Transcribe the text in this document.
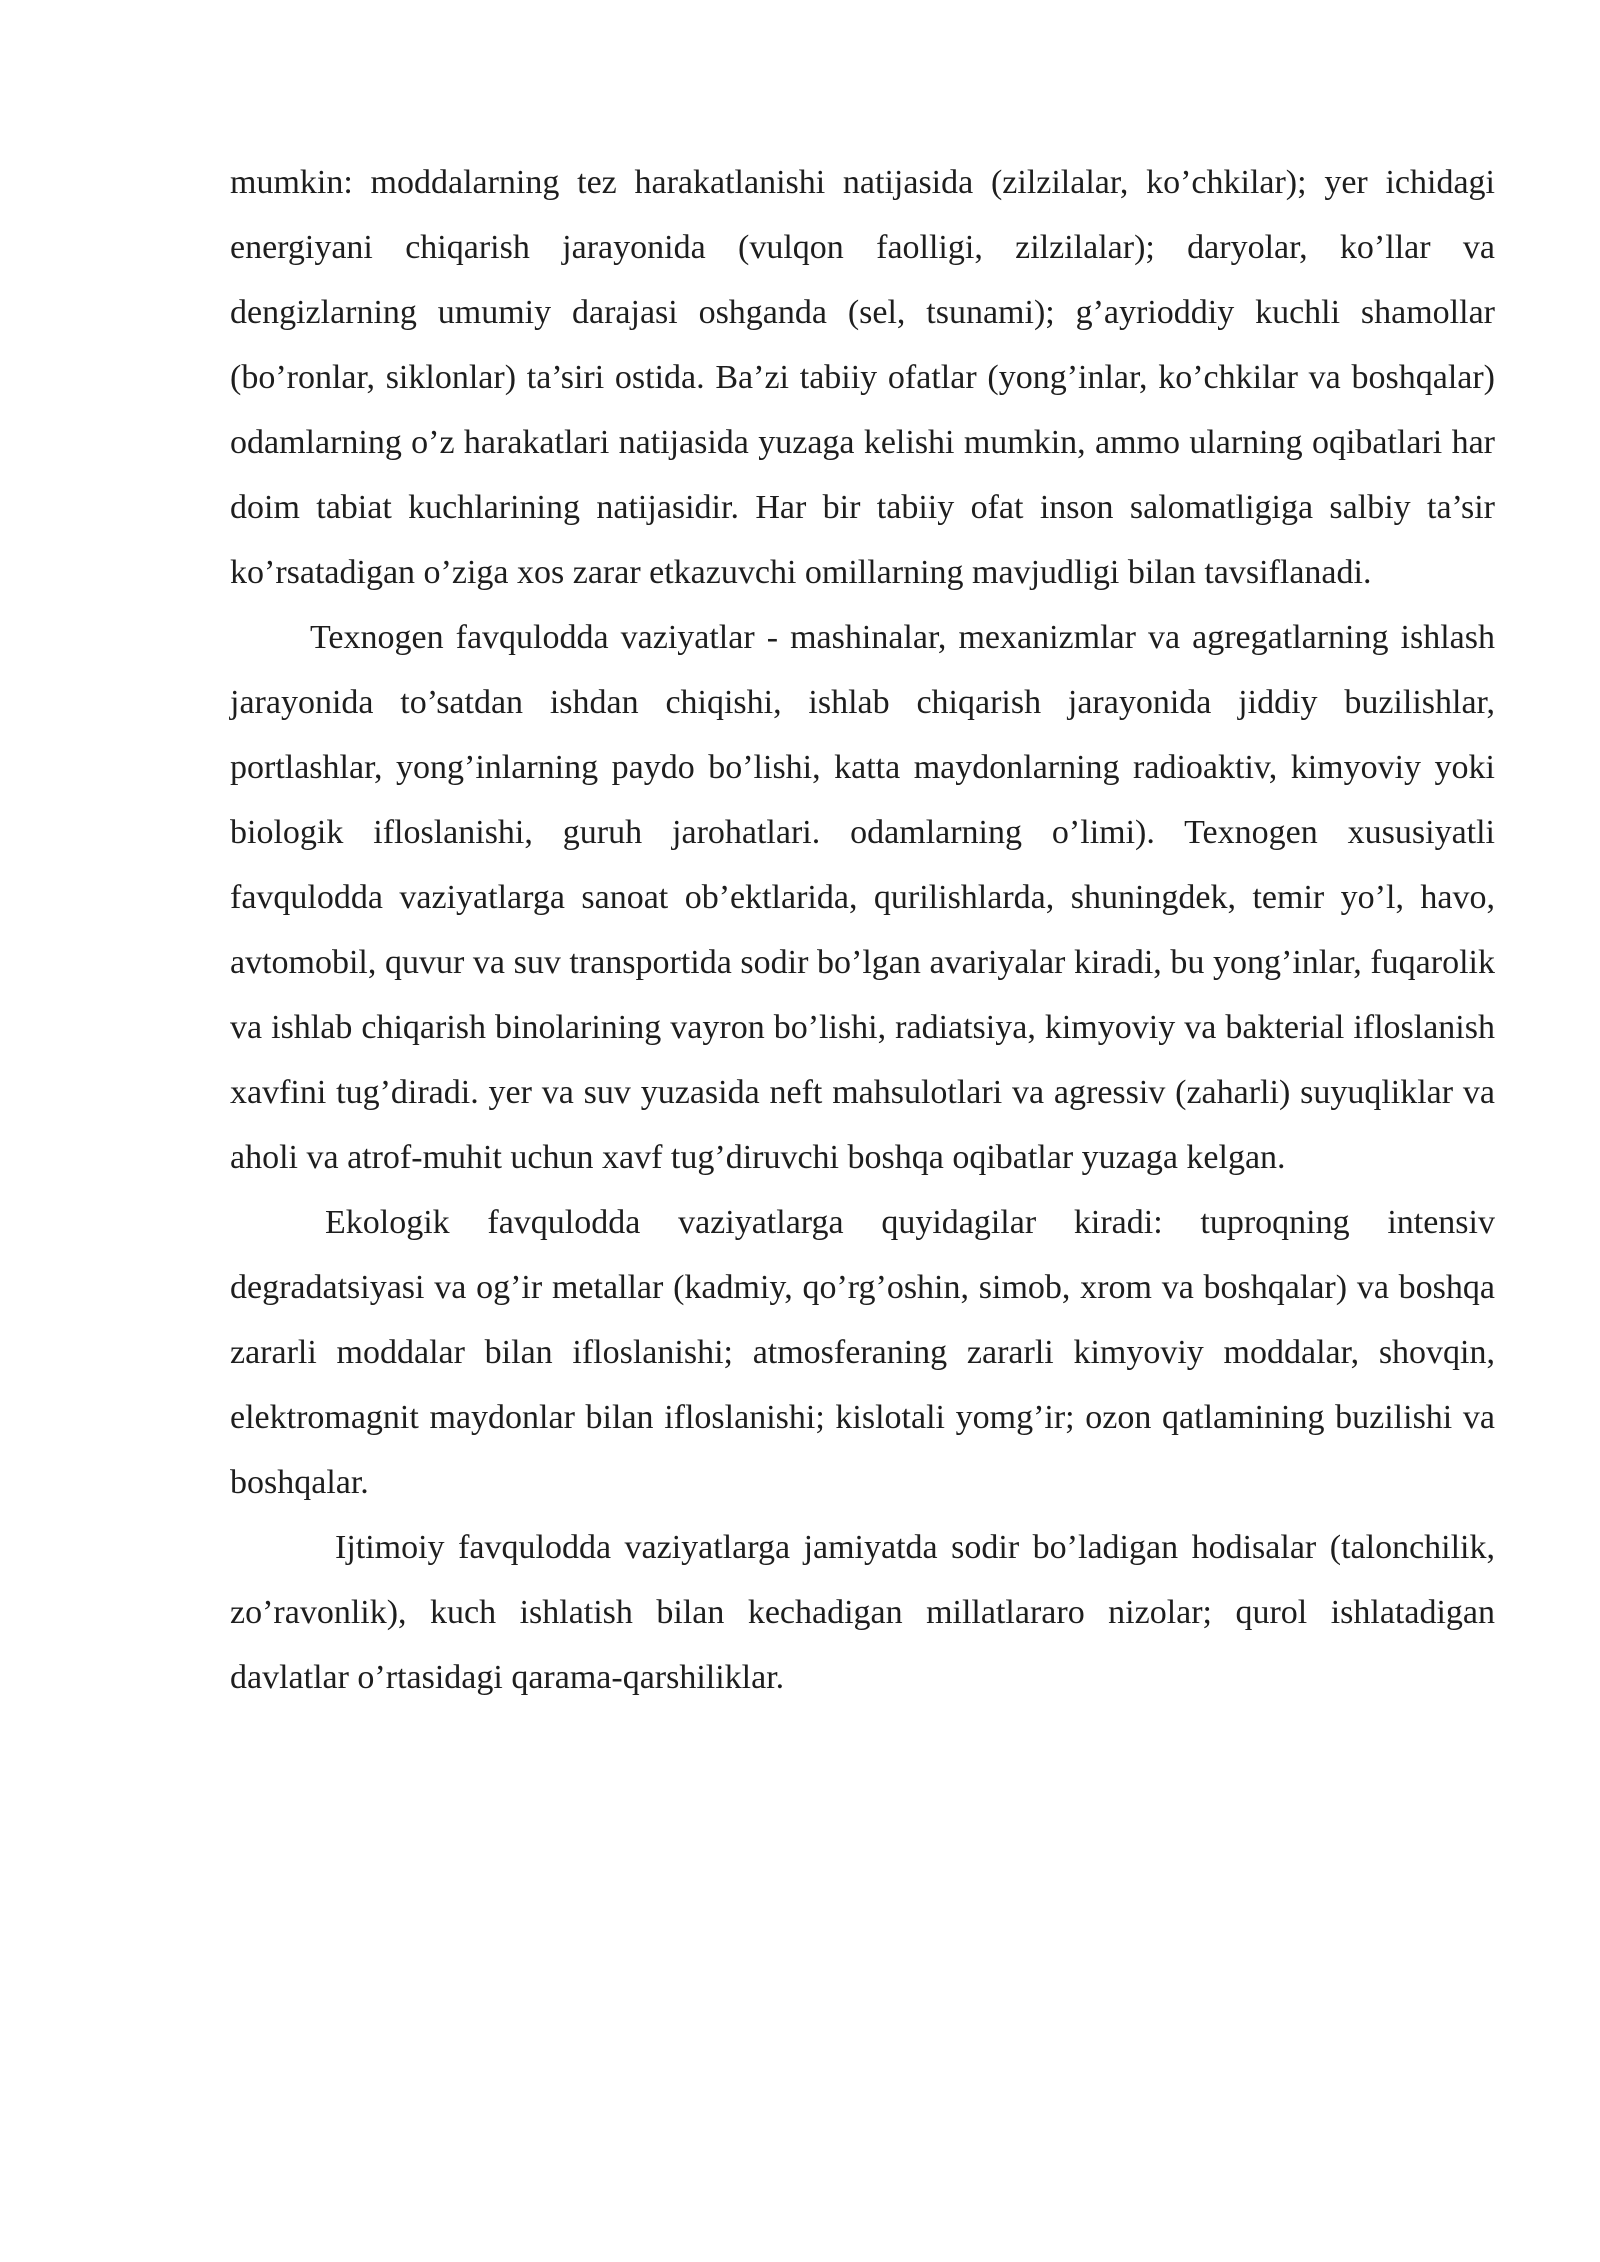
mumkin: moddalarning tez harakatlanishi natijasida (zilzilalar, ko’chkilar); yer ichidagi energiyani chiqarish jarayonida (vulqon faolligi, zilzilalar); daryolar, ko’llar va dengizlarning umumiy darajasi oshganda (sel, tsunami); g’ayrioddiy kuchli shamollar (bo’ronlar, siklonlar) ta’siri ostida. Ba’zi tabiiy ofatlar (yong’inlar, ko’chkilar va boshqalar) odamlarning o’z harakatlari natijasida yuzaga kelishi mumkin, ammo ularning oqibatlari har doim tabiat kuchlarining natijasidir. Har bir tabiiy ofat inson salomatligiga salbiy ta’sir ko’rsatadigan o’ziga xos zarar etkazuvchi omillarning mavjudligi bilan tavsiflanadi.

Texnogen favqulodda vaziyatlar - mashinalar, mexanizmlar va agregatlarning ishlash jarayonida to’satdan ishdan chiqishi, ishlab chiqarish jarayonida jiddiy buzilishlar, portlashlar, yong’inlarning paydo bo’lishi, katta maydonlarning radioaktiv, kimyoviy yoki biologik ifloslanishi, guruh jarohatlari. odamlarning o’limi). Texnogen xususiyatli favqulodda vaziyatlarga sanoat ob’ektlarida, qurilishlarda, shuningdek, temir yo’l, havo, avtomobil, quvur va suv transportida sodir bo’lgan avariyalar kiradi, bu yong’inlar, fuqarolik va ishlab chiqarish binolarining vayron bo’lishi, radiatsiya, kimyoviy va bakterial ifloslanish xavfini tug’diradi. yer va suv yuzasida neft mahsulotlari va agressiv (zaharli) suyuqliklar va aholi va atrof-muhit uchun xavf tug’diruvchi boshqa oqibatlar yuzaga kelgan.

Ekologik favqulodda vaziyatlarga quyidagilar kiradi: tuproqning intensiv degradatsiyasi va og’ir metallar (kadmiy, qo’rg’oshin, simob, xrom va boshqalar) va boshqa zararli moddalar bilan ifloslanishi; atmosferaning zararli kimyoviy moddalar, shovqin, elektromagnit maydonlar bilan ifloslanishi; kislotali yomg’ir; ozon qatlamining buzilishi va boshqalar.

Ijtimoiy favqulodda vaziyatlarga jamiyatda sodir bo’ladigan hodisalar (talonchilik, zo’ravonlik), kuch ishlatish bilan kechadigan millatlararo nizolar; qurol ishlatadigan davlatlar o’rtasidagi qarama-qarshiliklar.
